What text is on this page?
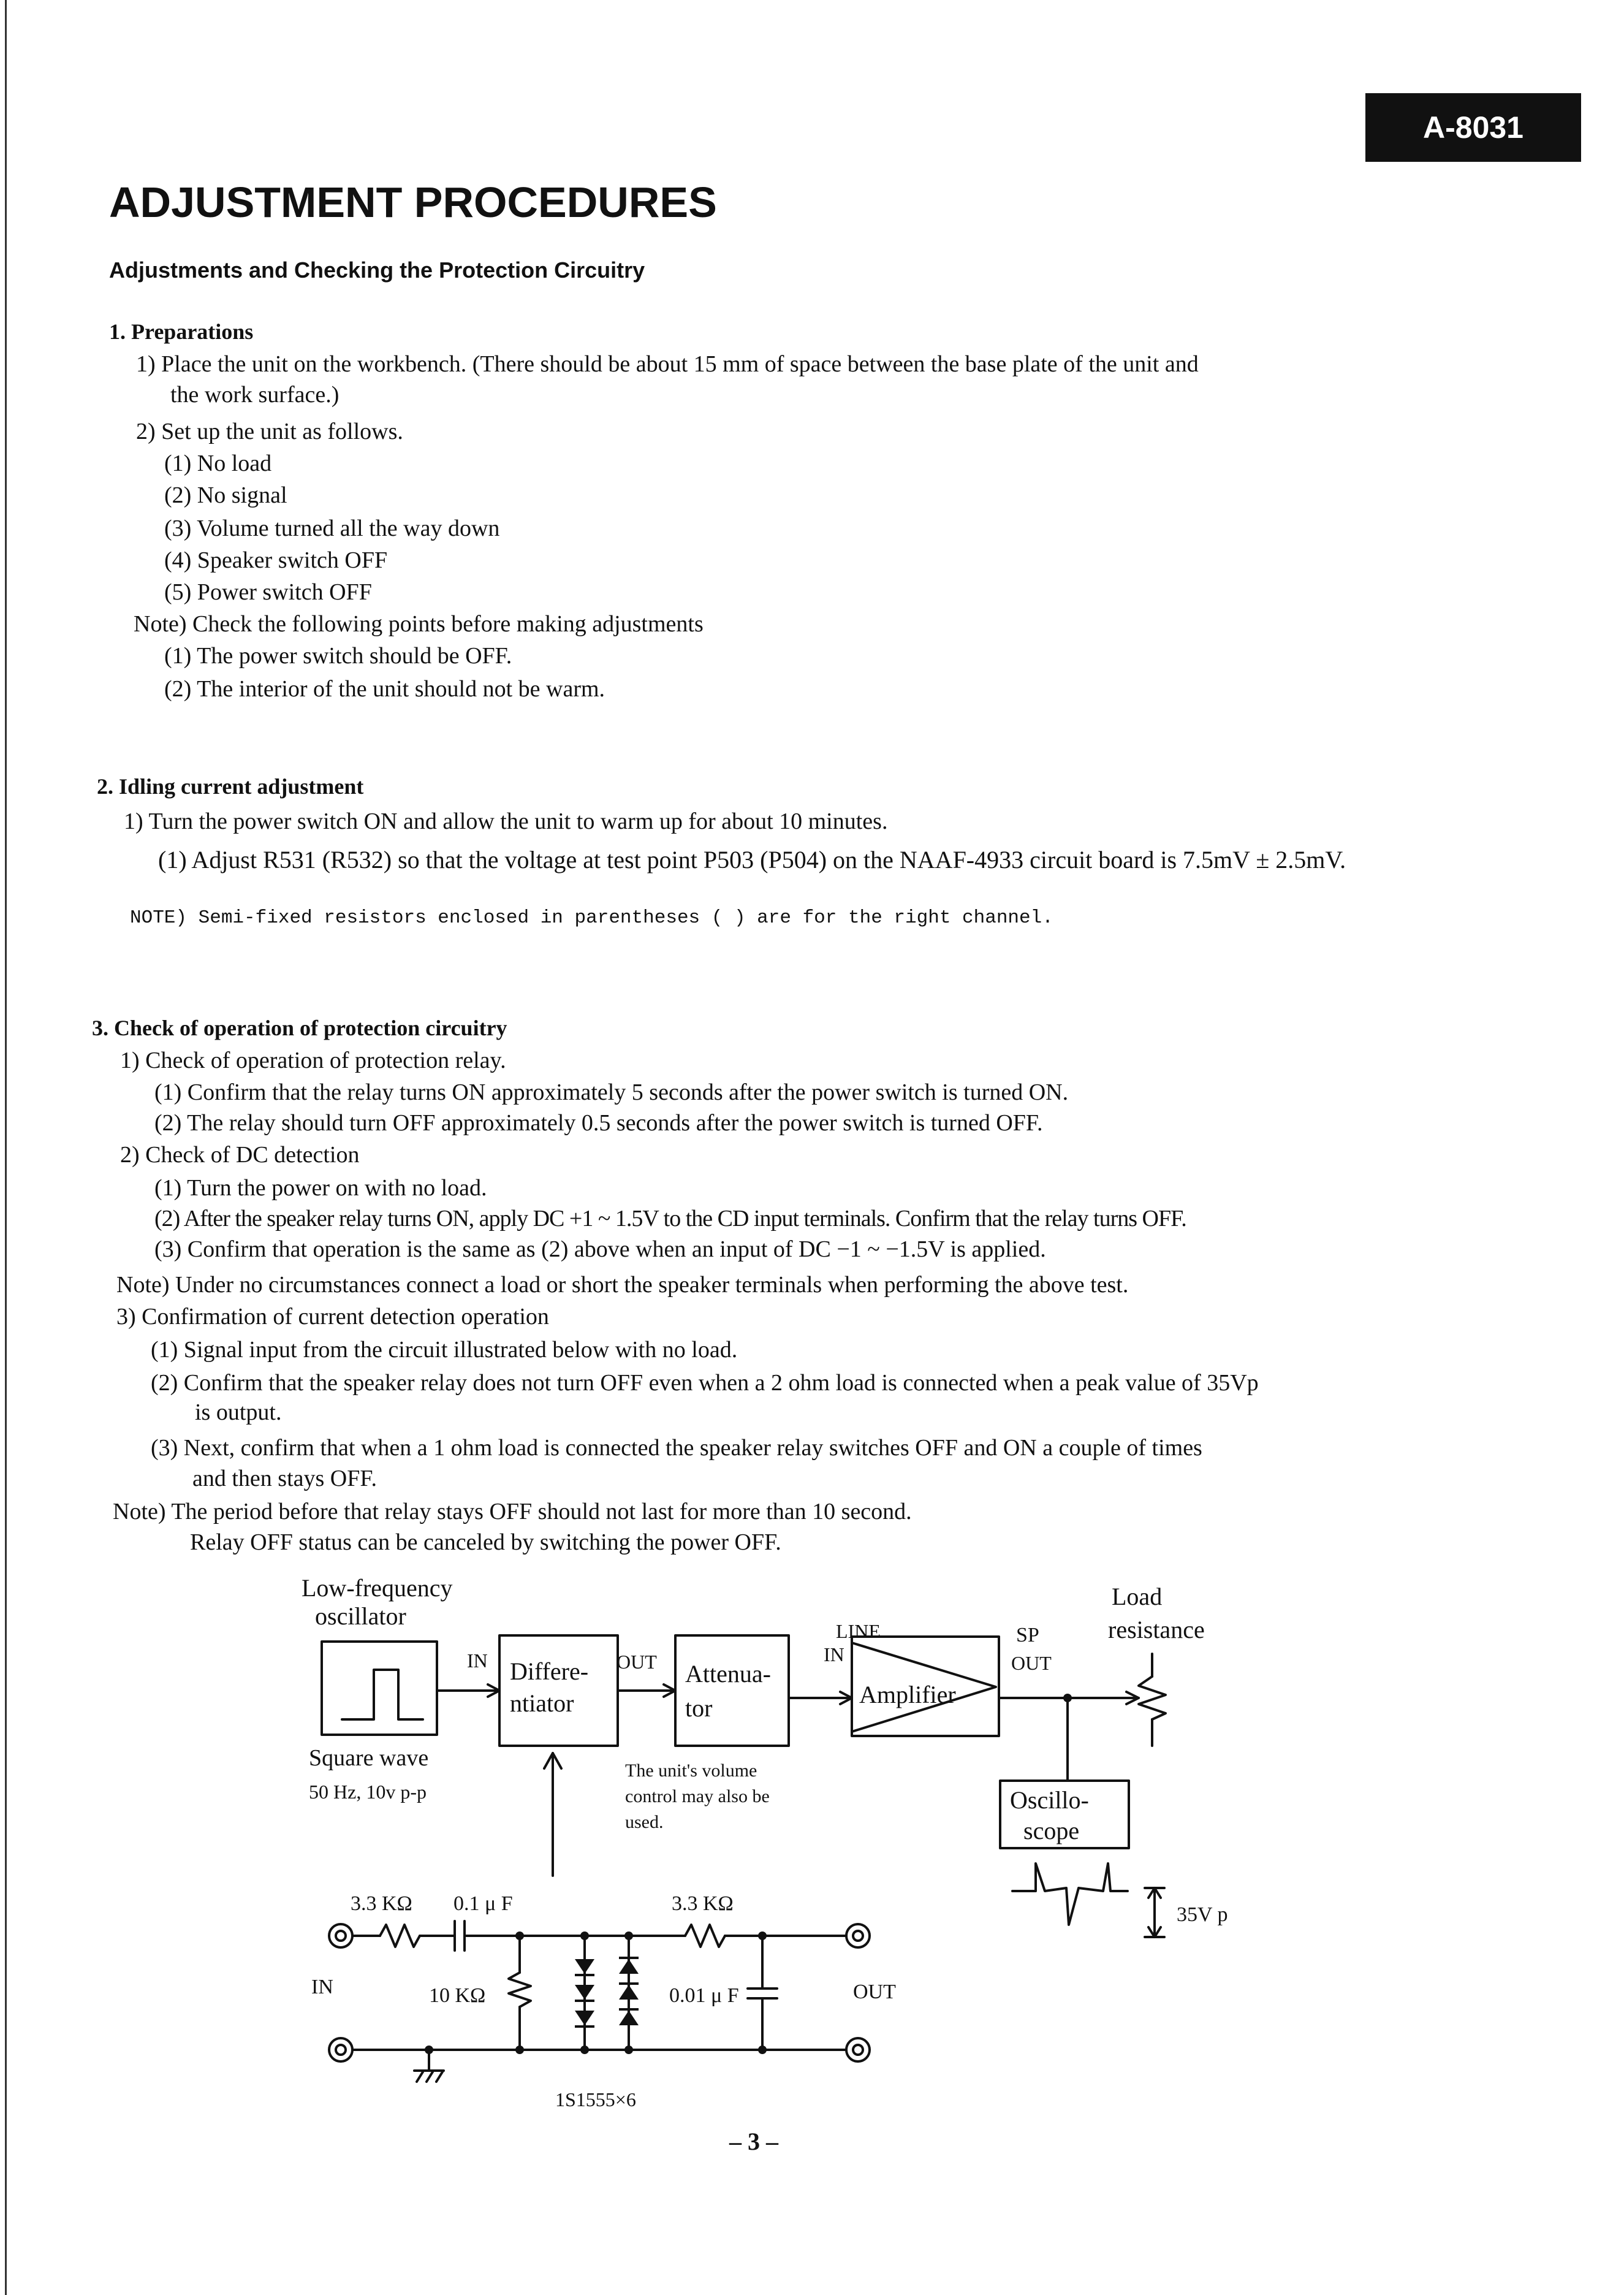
A-8031
ADJUSTMENT PROCEDURES
Adjustments and Checking the Protection Circuitry
1. Preparations
1) Place the unit on the workbench. (There should be about 15 mm of space between the base plate of the unit and
the work surface.)
2) Set up the unit as follows.
(1) No load
(2) No signal
(3) Volume turned all the way down
(4) Speaker switch OFF
(5) Power switch OFF
Note) Check the following points before making adjustments
(1) The power switch should be OFF.
(2) The interior of the unit should not be warm.
2. Idling current adjustment
1) Turn the power switch ON and allow the unit to warm up for about 10 minutes.
(1) Adjust R531 (R532) so that the voltage at test point P503 (P504) on the NAAF-4933 circuit board is 7.5mV ± 2.5mV.
NOTE) Semi-fixed resistors enclosed in parentheses ( ) are for the right channel.
3. Check of operation of protection circuitry
1) Check of operation of protection relay.
(1) Confirm that the relay turns ON approximately 5 seconds after the power switch is turned ON.
(2) The relay should turn OFF approximately 0.5 seconds after the power switch is turned OFF.
2) Check of DC detection
(1) Turn the power on with no load.
(2) After the speaker relay turns ON, apply DC +1 ~ 1.5V to the CD input terminals. Confirm that the relay turns OFF.
(3) Confirm that operation is the same as (2) above when an input of DC −1 ~ −1.5V is applied.
Note) Under no circumstances connect a load or short the speaker terminals when performing the above test.
3) Confirmation of current detection operation
(1) Signal input from the circuit illustrated below with no load.
(2) Confirm that the speaker relay does not turn OFF even when a 2 ohm load is connected when a peak value of 35Vp
is output.
(3) Next, confirm that when a 1 ohm load is connected the speaker relay switches OFF and ON a couple of times
and then stays OFF.
Note) The period before that relay stays OFF should not last for more than 10 second.
Relay OFF status can be canceled by switching the power OFF.
Low-frequency
oscillator
Square wave
50 Hz, 10v p-p
IN	OUT
Differe-
ntiator
Attenua-
tor
LINE
IN
Amplifier
SP
OUT
Load
resistance
The unit's volume
control may also be
used.
Oscillo-
scope
35V p
3.3 KΩ 0.1 μ F	3.3 KΩ
10 KΩ	0.01 μ F
IN	OUT
1S1555×6
– 3 –
